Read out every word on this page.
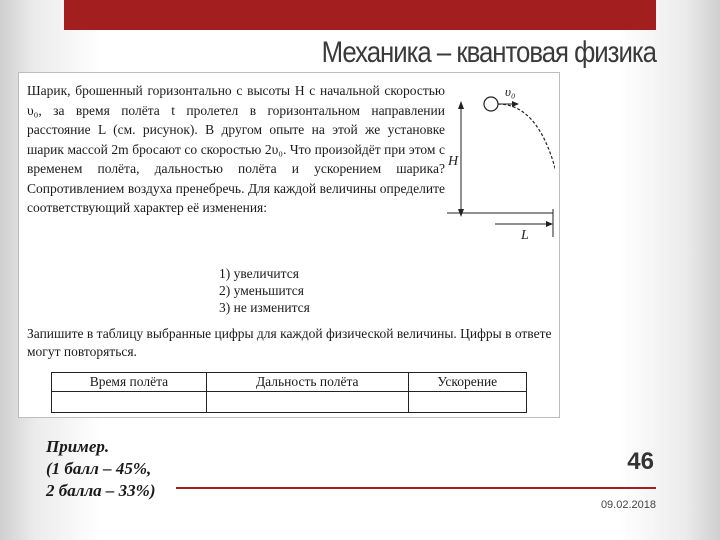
Механика – квантовая физика

Шарик, брошенный горизонтально с высоты H с начальной скоростью υ₀, за время полёта t пролетел в горизонтальном направлении расстояние L (см. рисунок). В другом опыте на этой же установке шарик массой 2m бросают со скоростью 2υ₀. Что произойдёт при этом с временем полёта, дальностью полёта и ускорением шарика? Сопротивлением воздуха пренебречь. Для каждой величины определите соответствующий характер её изменения:

H
υ₀
L
1) увеличится
2) уменьшится
3) не изменится

Запишите в таблицу выбранные цифры для каждой физической величины. Цифры в ответе могут повторяться.

Время полёта	Дальность полёта	Ускорение

Пример.
(1 балл – 45%,
2 балла – 33%)
46
09.02.2018
